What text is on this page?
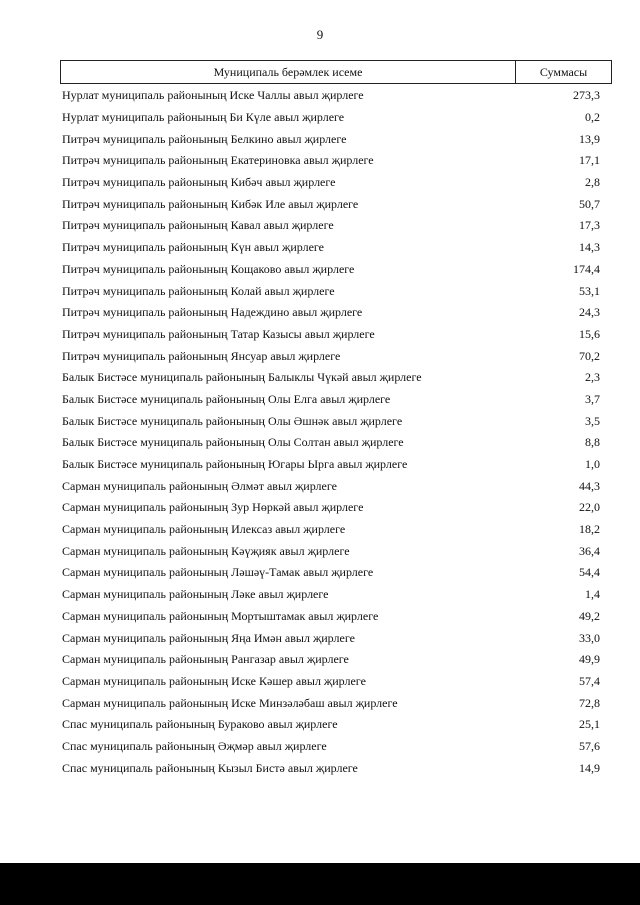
9
Муниципаль берәмлек исеме	Суммасы
Нурлат муниципаль районының Иске Чаллы авыл җирлеге	273,3
Нурлат муниципаль районының Би Күле авыл җирлеге	0,2
Питрәч муниципаль районының Белкино авыл җирлеге	13,9
Питрәч муниципаль районының Екатериновка авыл җирлеге	17,1
Питрәч муниципаль районының Кибәч авыл җирлеге	2,8
Питрәч муниципаль районының Кибәк Иле авыл җирлеге	50,7
Питрәч муниципаль районының Кавал авыл җирлеге	17,3
Питрәч муниципаль районының Күн авыл җирлеге	14,3
Питрәч муниципаль районының Кощаково авыл җирлеге	174,4
Питрәч муниципаль районының Колай авыл җирлеге	53,1
Питрәч муниципаль районының Надеждино авыл җирлеге	24,3
Питрәч муниципаль районының Татар Казысы авыл җирлеге	15,6
Питрәч муниципаль районының Янсуар авыл җирлеге	70,2
Балык Бистәсе муниципаль районының Балыклы Чүкәй авыл җирлеге	2,3
Балык Бистәсе муниципаль районының Олы Елга авыл җирлеге	3,7
Балык Бистәсе муниципаль районының Олы Әшнәк авыл җирлеге	3,5
Балык Бистәсе муниципаль районының Олы Солтан авыл җирлеге	8,8
Балык Бистәсе муниципаль районының Югары Ырга авыл җирлеге	1,0
Сарман муниципаль районының Әлмәт авыл җирлеге	44,3
Сарман муниципаль районының Зур Нөркәй авыл җирлеге	22,0
Сарман муниципаль районының Илексаз авыл җирлеге	18,2
Сарман муниципаль районының Кәүҗияк авыл җирлеге	36,4
Сарман муниципаль районының Ләшәү-Тамак авыл җирлеге	54,4
Сарман муниципаль районының Ләке авыл җирлеге	1,4
Сарман муниципаль районының Мортыштамак авыл җирлеге	49,2
Сарман муниципаль районының Яңа Имән авыл җирлеге	33,0
Сарман муниципаль районының Рангазар авыл җирлеге	49,9
Сарман муниципаль районының Иске Кәшер авыл җирлеге	57,4
Сарман муниципаль районының Иске Минзәләбаш авыл җирлеге	72,8
Спас муниципаль районының Бураково авыл җирлеге	25,1
Спас муниципаль районының Әҗмәр авыл җирлеге	57,6
Спас муниципаль районының Кызыл Бистә авыл җирлеге	14,9
